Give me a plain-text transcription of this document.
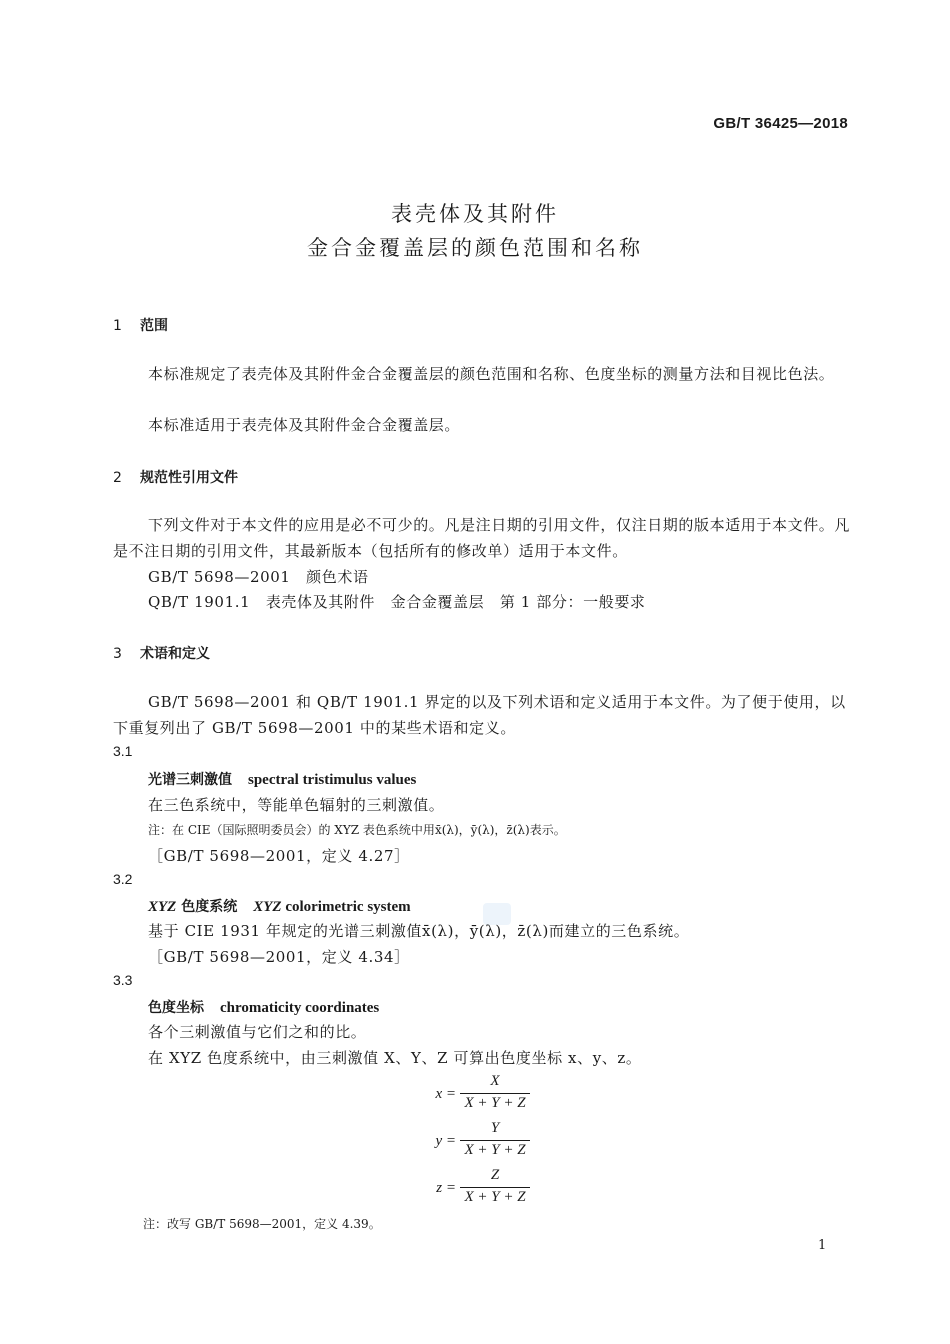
GB/T 36425—2018
表壳体及其附件
金合金覆盖层的颜色范围和名称
1 范围
本标准规定了表壳体及其附件金合金覆盖层的颜色范围和名称、色度坐标的测量方法和目视比色法。
本标准适用于表壳体及其附件金合金覆盖层。
2 规范性引用文件
下列文件对于本文件的应用是必不可少的。凡是注日期的引用文件，仅注日期的版本适用于本文件。凡是不注日期的引用文件，其最新版本（包括所有的修改单）适用于本文件。
GB/T 5698—2001　颜色术语
QB/T 1901.1　表壳体及其附件　金合金覆盖层　第 1 部分：一般要求
3 术语和定义
GB/T 5698—2001 和 QB/T 1901.1 界定的以及下列术语和定义适用于本文件。为了便于使用，以下重复列出了 GB/T 5698—2001 中的某些术语和定义。
3.1
光谱三刺激值 spectral tristimulus values
在三色系统中，等能单色辐射的三刺激值。
注：在 CIE（国际照明委员会）的 XYZ 表色系统中用x̄(λ)，ȳ(λ)，z̄(λ)表示。
［GB/T 5698—2001，定义 4.27］
3.2
XYZ 色度系统 XYZ colorimetric system
基于 CIE 1931 年规定的光谱三刺激值x̄(λ)，ȳ(λ)，z̄(λ)而建立的三色系统。
［GB/T 5698—2001，定义 4.34］
3.3
色度坐标 chromaticity coordinates
各个三刺激值与它们之和的比。
在 XYZ 色度系统中，由三刺激值 X、Y、Z 可算出色度坐标 x、y、z。
x =
X
X + Y + Z
y =
Y
X + Y + Z
z =
Z
X + Y + Z
注：改写 GB/T 5698—2001，定义 4.39。
1
